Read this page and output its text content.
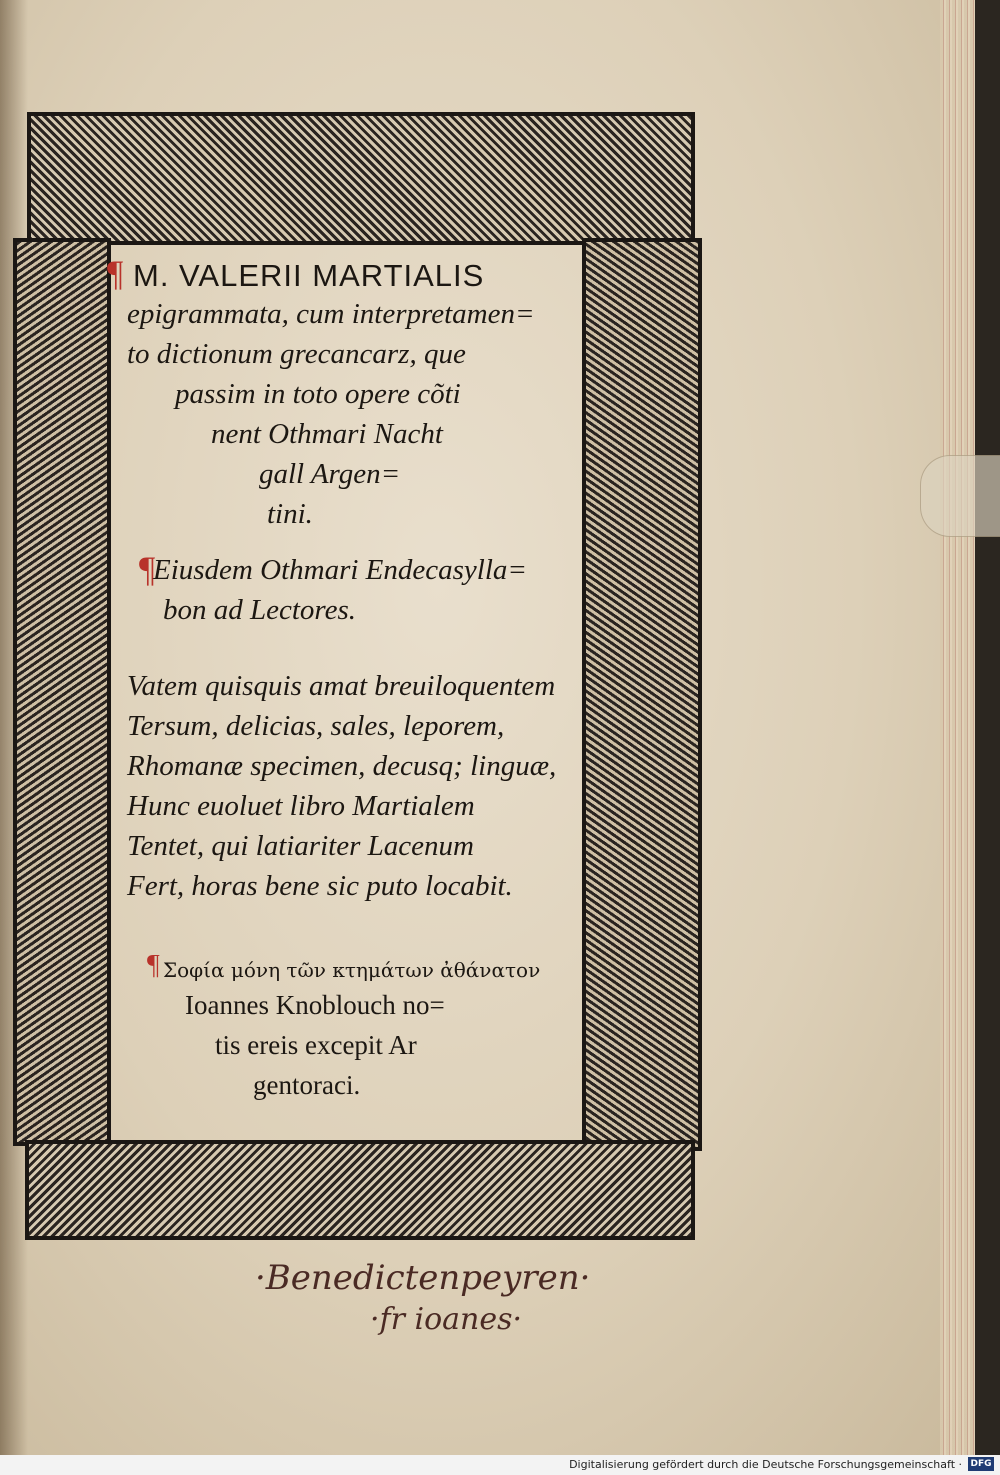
¶ M. VALERII MARTIALIS
epigrammata, cum interpretamen=
to dictionum grecancarz, que
passim in toto opere cõti
nent Othmari Nacht
gall Argen=
tini.
¶
Eiusdem Othmari Endecasylla=
bon ad Lectores.
Vatem quisquis amat breuiloquentem
Tersum, delicias, sales, leporem,
Rhomanæ specimen, decusq; linguæ,
Hunc euoluet libro Martialem
Tentet, qui latiariter Lacenum
Fert, horas bene sic puto locabit.
¶ Σοφία μόνη τῶν κτημάτων ἀθάνατον
Ioannes Knoblouch no=
tis ereis excepit Ar
gentoraci.
·Benedictenpeyren·
·fr ioanes·
Digitalisierung gefördert durch die Deutsche Forschungsgemeinschaft · DFG
